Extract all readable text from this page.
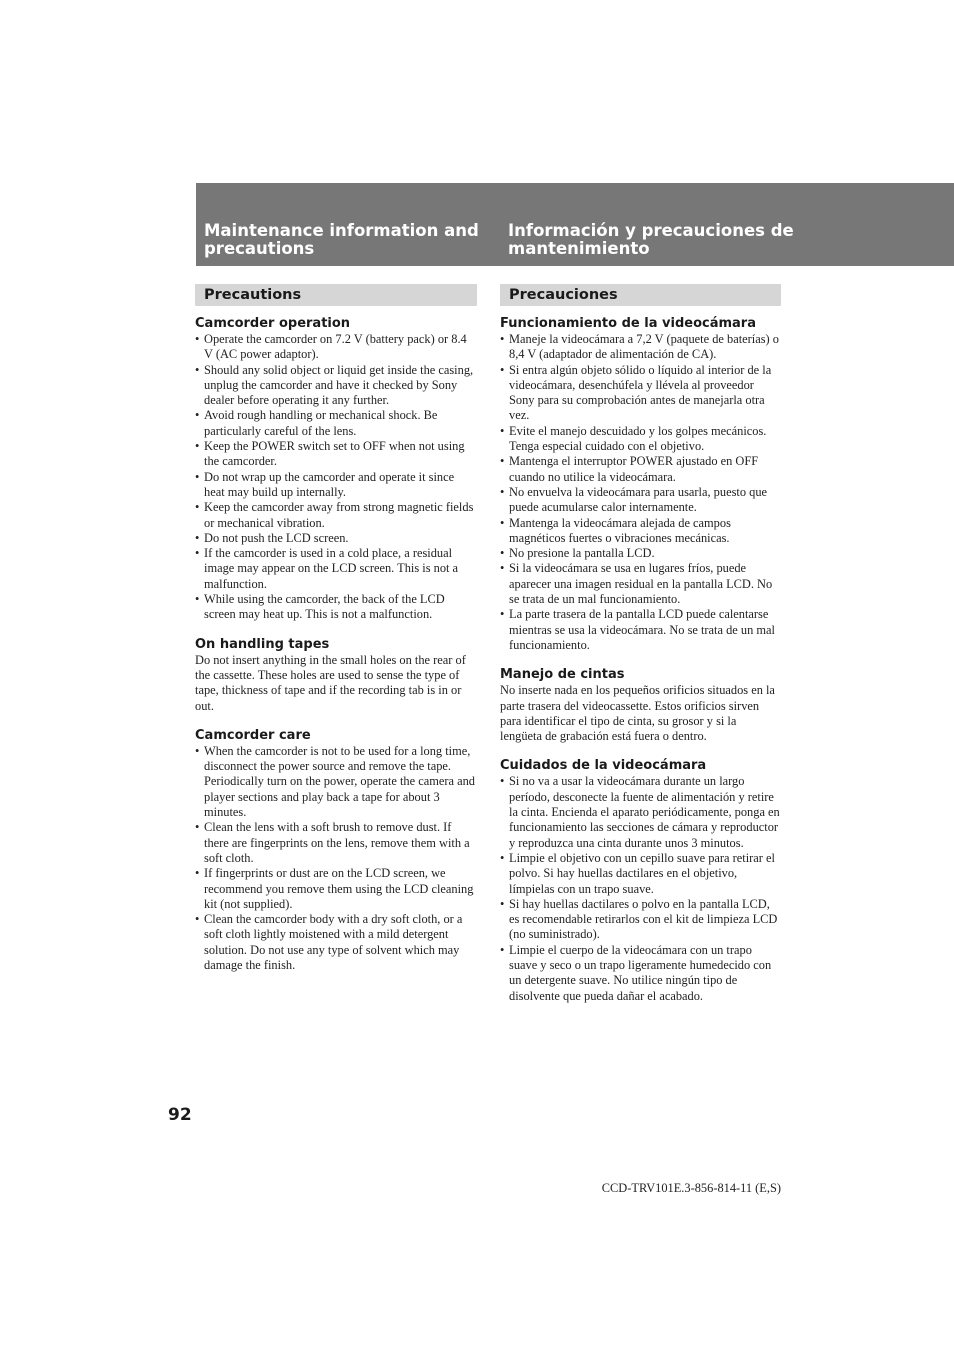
Maintenance information and precautions
Información y precauciones de mantenimiento
Precautions	Precauciones
Camcorder operation
• Operate the camcorder on 7.2 V (battery pack) or 8.4 V (AC power adaptor).
• Should any solid object or liquid get inside the casing, unplug the camcorder and have it checked by Sony dealer before operating it any further.
• Avoid rough handling or mechanical shock. Be particularly careful of the lens.
• Keep the POWER switch set to OFF when not using the camcorder.
• Do not wrap up the camcorder and operate it since heat may build up internally.
• Keep the camcorder away from strong magnetic fields or mechanical vibration.
• Do not push the LCD screen.
• If the camcorder is used in a cold place, a residual image may appear on the LCD screen. This is not a malfunction.
• While using the camcorder, the back of the LCD screen may heat up. This is not a malfunction.
On handling tapes

Do not insert anything in the small holes on the rear of the cassette. These holes are used to sense the type of tape, thickness of tape and if the recording tab is in or out.

Camcorder care
• When the camcorder is not to be used for a long time, disconnect the power source and remove the tape. Periodically turn on the power, operate the camera and player sections and play back a tape for about 3 minutes.
• Clean the lens with a soft brush to remove dust. If there are fingerprints on the lens, remove them with a soft cloth.
• If fingerprints or dust are on the LCD screen, we recommend you remove them using the LCD cleaning kit (not supplied).
• Clean the camcorder body with a dry soft cloth, or a soft cloth lightly moistened with a mild detergent solution. Do not use any type of solvent which may damage the finish.
Funcionamiento de la videocámara
• Maneje la videocámara a 7,2 V (paquete de baterías) o 8,4 V (adaptador de alimentación de CA).
• Si entra algún objeto sólido o líquido al interior de la videocámara, desenchúfela y llévela al proveedor Sony para su comprobación antes de manejarla otra vez.
• Evite el manejo descuidado y los golpes mecánicos. Tenga especial cuidado con el objetivo.
• Mantenga el interruptor POWER ajustado en OFF cuando no utilice la videocámara.
• No envuelva la videocámara para usarla, puesto que puede acumularse calor internamente.
• Mantenga la videocámara alejada de campos magnéticos fuertes o vibraciones mecánicas.
• No presione la pantalla LCD.
• Si la videocámara se usa en lugares fríos, puede aparecer una imagen residual en la pantalla LCD. No se trata de un mal funcionamiento.
• La parte trasera de la pantalla LCD puede calentarse mientras se usa la videocámara. No se trata de un mal funcionamiento.
Manejo de cintas

No inserte nada en los pequeños orificios situados en la parte trasera del videocassette. Estos orificios sirven para identificar el tipo de cinta, su grosor y si la lengüeta de grabación está fuera o dentro.

Cuidados de la videocámara
• Si no va a usar la videocámara durante un largo período, desconecte la fuente de alimentación y retire la cinta. Encienda el aparato periódicamente, ponga en funcionamiento las secciones de cámara y reproductor y reproduzca una cinta durante unos 3 minutos.
• Limpie el objetivo con un cepillo suave para retirar el polvo. Si hay huellas dactilares en el objetivo, límpielas con un trapo suave.
• Si hay huellas dactilares o polvo en la pantalla LCD, es recomendable retirarlos con el kit de limpieza LCD (no suministrado).
• Limpie el cuerpo de la videocámara con un trapo suave y seco o un trapo ligeramente humedecido con un detergente suave. No utilice ningún tipo de disolvente que pueda dañar el acabado.

92

CCD-TRV101E.3-856-814-11 (E,S)
